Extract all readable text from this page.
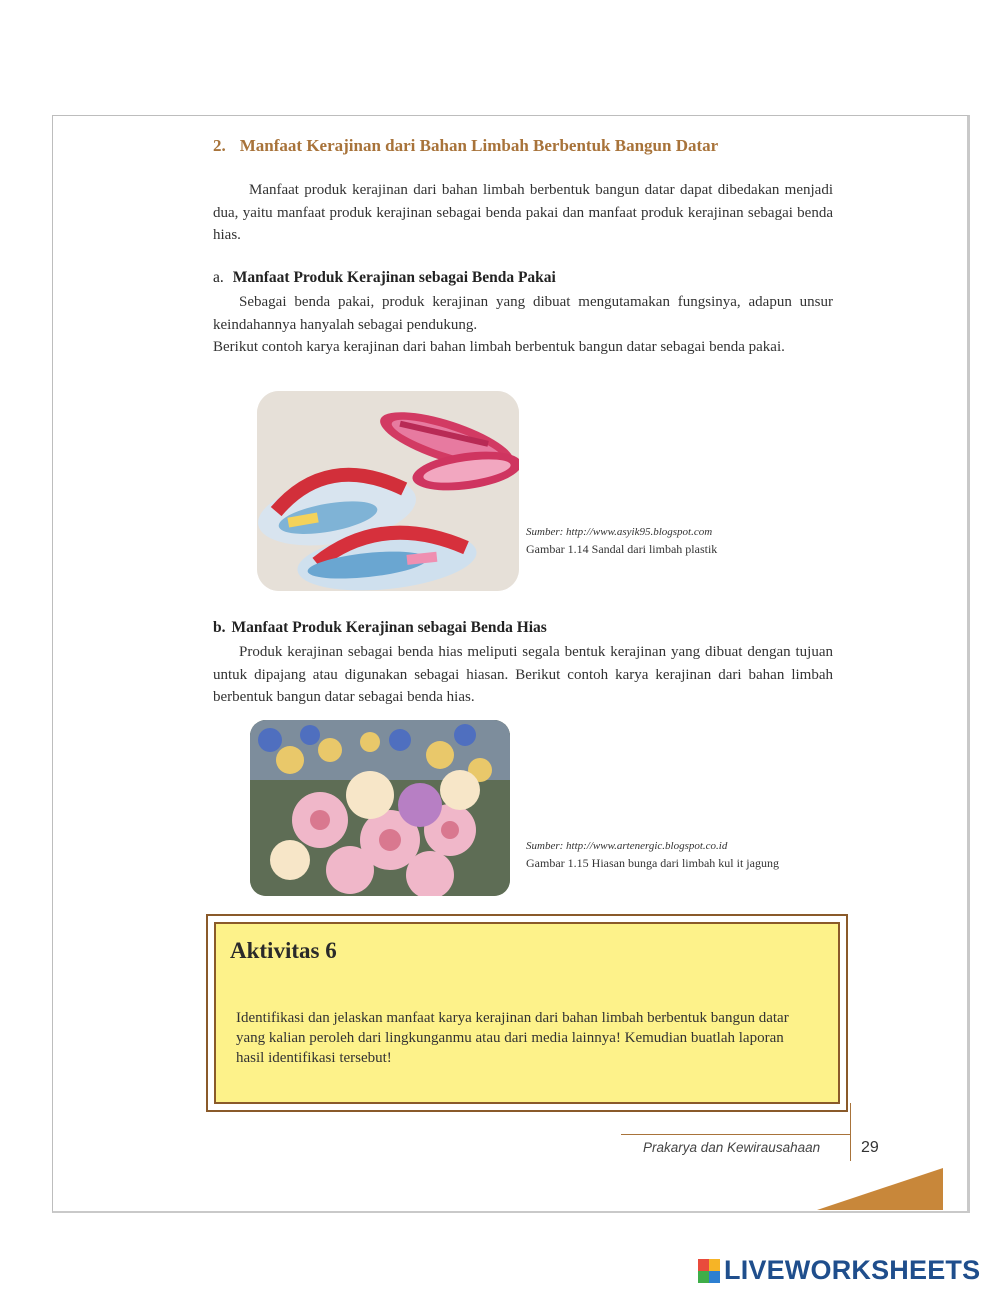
2. Manfaat Kerajinan dari Bahan Limbah Berbentuk Bangun Datar
Manfaat produk kerajinan dari bahan limbah berbentuk bangun datar dapat dibedakan menjadi dua, yaitu manfaat produk kerajinan sebagai benda pakai dan manfaat produk kerajinan sebagai benda hias.
a. Manfaat Produk Kerajinan sebagai Benda Pakai
Sebagai benda pakai, produk kerajinan yang dibuat mengutamakan fungsinya, adapun unsur keindahannya hanyalah sebagai pendukung.
Berikut contoh karya kerajinan dari bahan limbah berbentuk bangun datar sebagai benda pakai.
Sumber: http://www.asyik95.blogspot.com
Gambar 1.14 Sandal dari limbah plastik
b. Manfaat Produk Kerajinan sebagai Benda Hias
Produk kerajinan sebagai benda hias meliputi segala bentuk kerajinan yang dibuat dengan tujuan untuk dipajang atau digunakan sebagai hiasan. Berikut contoh karya kerajinan dari bahan limbah berbentuk bangun datar sebagai benda hias.
Sumber: http://www.artenergic.blogspot.co.id
Gambar 1.15 Hiasan bunga dari limbah kul it jagung
Aktivitas 6
Identifikasi dan jelaskan manfaat karya kerajinan dari bahan limbah berbentuk bangun datar yang kalian peroleh dari lingkunganmu atau dari media lainnya! Kemudian buatlah laporan hasil identifikasi tersebut!
Prakarya dan Kewirausahaan	29
LIVEWORKSHEETS
